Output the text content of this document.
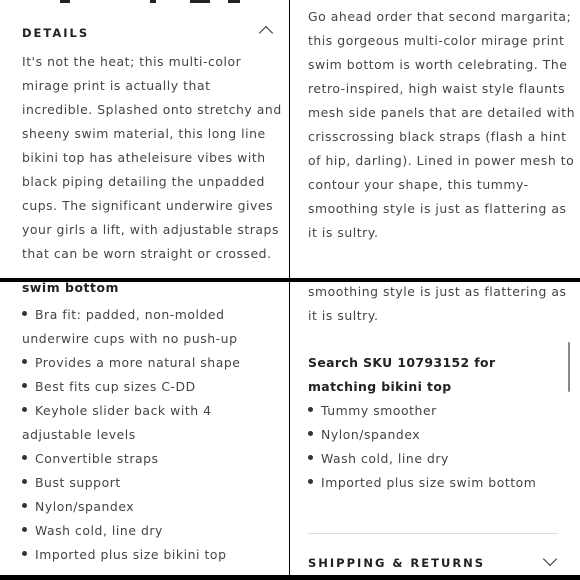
DETAILS

It's not the heat; this multi-color mirage print is actually that incredible. Splashed onto stretchy and sheeny swim material, this long line bikini top has atheleisure vibes with black piping detailing the unpadded cups. The significant underwire gives your girls a lift, with adjustable straps that can be worn straight or crossed.

Go ahead order that second margarita; this gorgeous multi-color mirage print swim bottom is worth celebrating. The retro-inspired, high waist style flaunts mesh side panels that are detailed with crisscrossing black straps (flash a hint of hip, darling). Lined in power mesh to contour your shape, this tummy-smoothing style is just as flattering as it is sultry.

swim bottom

Bra fit: padded, non-molded underwire cups with no push-up
Provides a more natural shape
Best fits cup sizes C-DD
Keyhole slider back with 4 adjustable levels
Convertible straps
Bust support
Nylon/spandex
Wash cold, line dry
Imported plus size bikini top

smoothing style is just as flattering as

it is sultry.

Search SKU 10793152 for matching bikini top

Tummy smoother
Nylon/spandex
Wash cold, line dry
Imported plus size swim bottom
SHIPPING & RETURNS
